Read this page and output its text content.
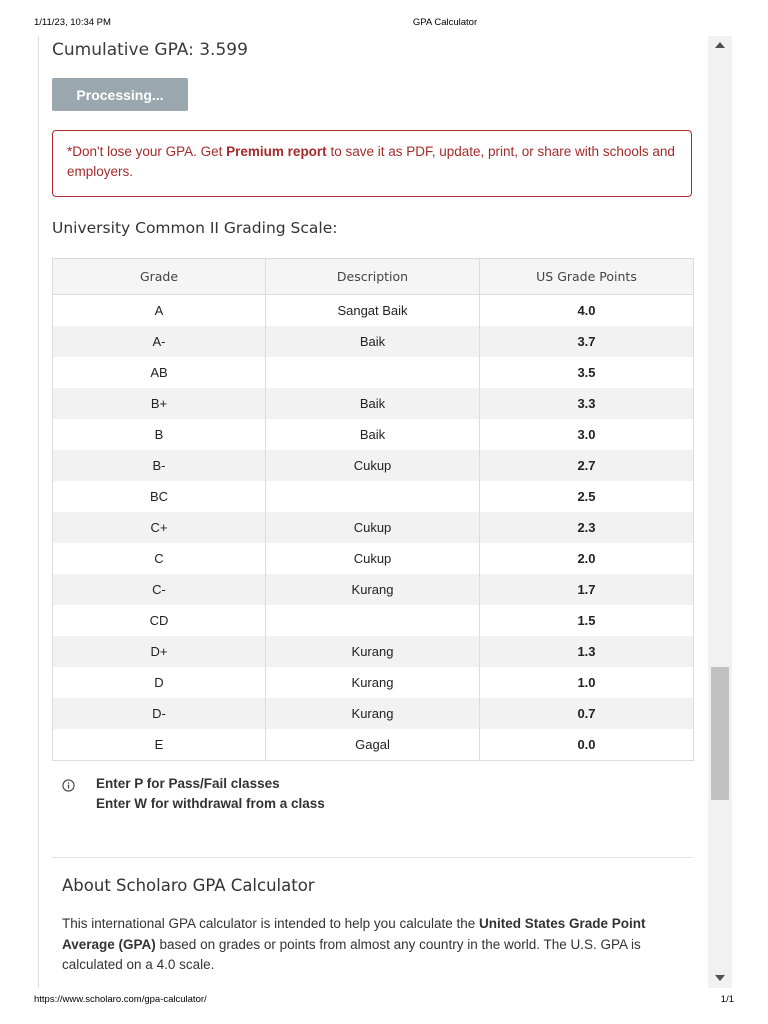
1/11/23, 10:34 PM	GPA Calculator
Cumulative GPA: 3.599
Processing...
*Don't lose your GPA. Get Premium report to save it as PDF, update, print, or share with schools and employers.
University Common II Grading Scale:
Grade	Description	US Grade Points
A	Sangat Baik	4.0
A-	Baik	3.7
AB		3.5
B+	Baik	3.3
B	Baik	3.0
B-	Cukup	2.7
BC		2.5
C+	Cukup	2.3
C	Cukup	2.0
C-	Kurang	1.7
CD		1.5
D+	Kurang	1.3
D	Kurang	1.0
D-	Kurang	0.7
E	Gagal	0.0
Enter P for Pass/Fail classes
Enter W for withdrawal from a class
About Scholaro GPA Calculator
This international GPA calculator is intended to help you calculate the United States Grade Point Average (GPA) based on grades or points from almost any country in the world. The U.S. GPA is calculated on a 4.0 scale.
https://www.scholaro.com/gpa-calculator/	1/1
